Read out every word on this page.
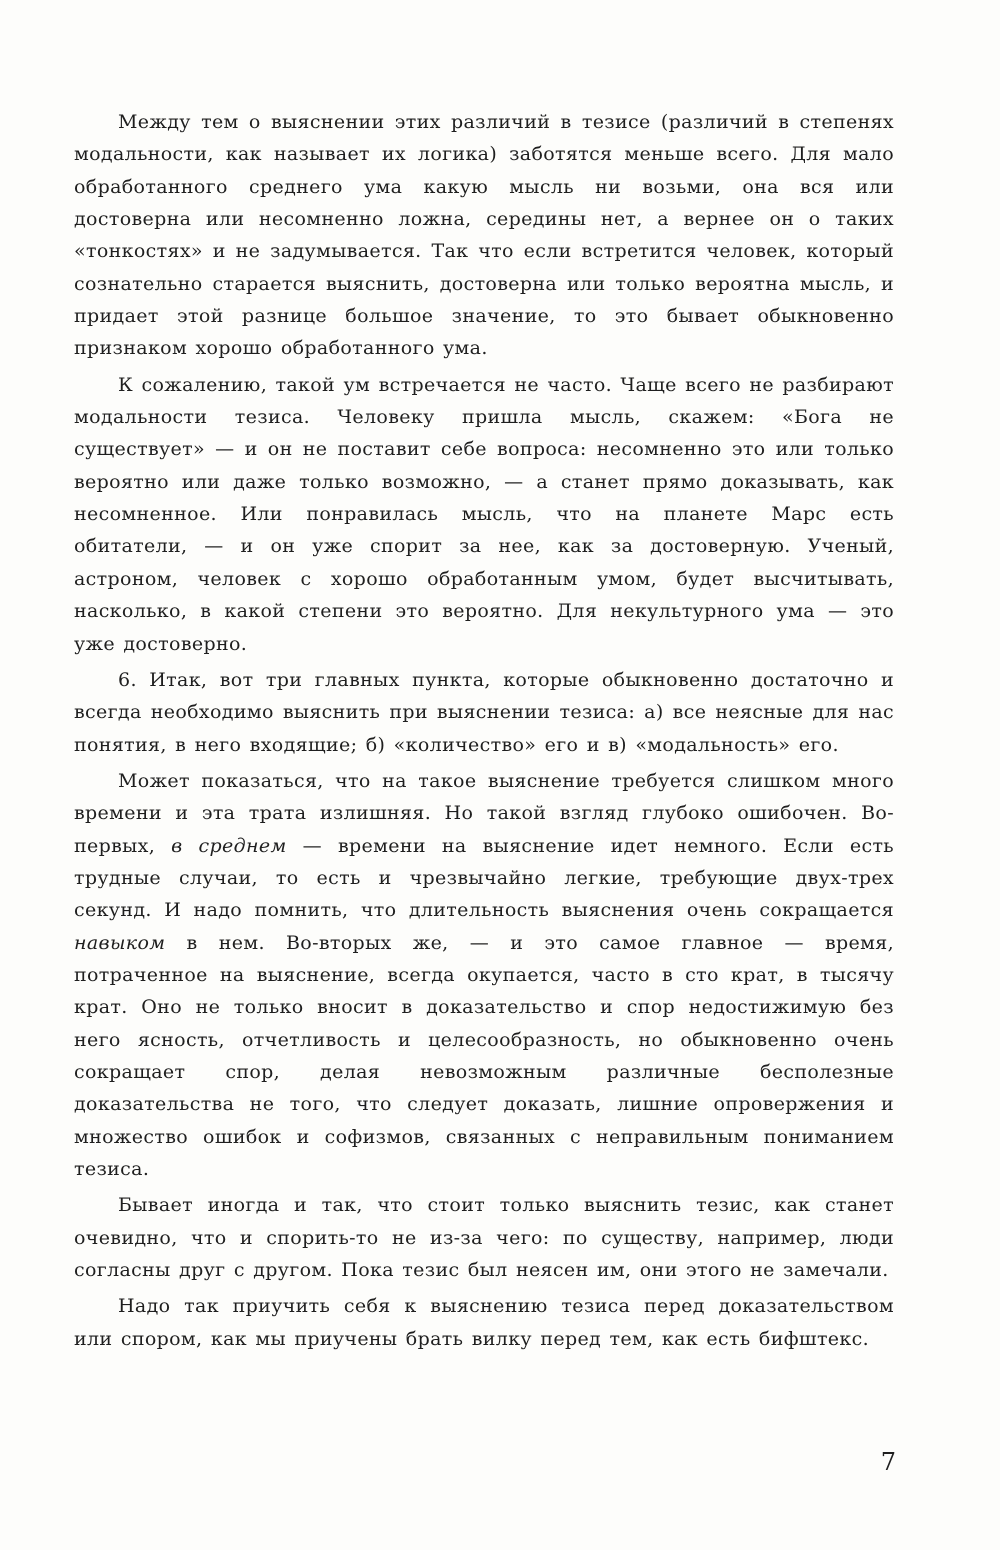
Между тем о выяснении этих различий в тезисе (различий в степенях модальности, как называет их логика) заботятся меньше всего. Для мало обработанного среднего ума какую мысль ни возьми, она вся или достоверна или несомненно ложна, середины нет, а вернее он о таких «тонкостях» и не задумывается. Так что если встретится человек, который сознательно старается выяснить, достоверна или только вероятна мысль, и придает этой разнице большое значение, то это бывает обыкновенно признаком хорошо обработанного ума.

К сожалению, такой ум встречается не часто. Чаще всего не разбирают модальности тезиса. Человеку пришла мысль, скажем: «Бога не существует» — и он не поставит себе вопроса: несомненно это или только вероятно или даже только возможно, — а станет прямо доказывать, как несомненное. Или понравилась мысль, что на планете Марс есть обитатели, — и он уже спорит за нее, как за достоверную. Ученый, астроном, человек с хорошо обработанным умом, будет высчитывать, насколько, в какой степени это вероятно. Для некультурного ума — это уже достоверно.

6. Итак, вот три главных пункта, которые обыкновенно достаточно и всегда необходимо выяснить при выяснении тезиса: а) все неясные для нас понятия, в него входящие; б) «количество» его и в) «модальность» его.

Может показаться, что на такое выяснение требуется слишком много времени и эта трата излишняя. Но такой взгляд глубоко ошибочен. Во-первых, в среднем — времени на выяснение идет немного. Если есть трудные случаи, то есть и чрезвычайно легкие, требующие двух-трех секунд. И надо помнить, что длительность выяснения очень сокращается навыком в нем. Во-вторых же, — и это самое главное — время, потраченное на выяснение, всегда окупается, часто в сто крат, в тысячу крат. Оно не только вносит в доказательство и спор недостижимую без него ясность, отчетливость и целесообразность, но обыкновенно очень сокращает спор, делая невозможным различные бесполезные доказательства не того, что следует доказать, лишние опровержения и множество ошибок и софизмов, связанных с неправильным пониманием тезиса.

Бывает иногда и так, что стоит только выяснить тезис, как станет очевидно, что и спорить-то не из-за чего: по существу, например, люди согласны друг с другом. Пока тезис был неясен им, они этого не замечали.

Надо так приучить себя к выяснению тезиса перед доказательством или спором, как мы приучены брать вилку перед тем, как есть бифштекс.

7
